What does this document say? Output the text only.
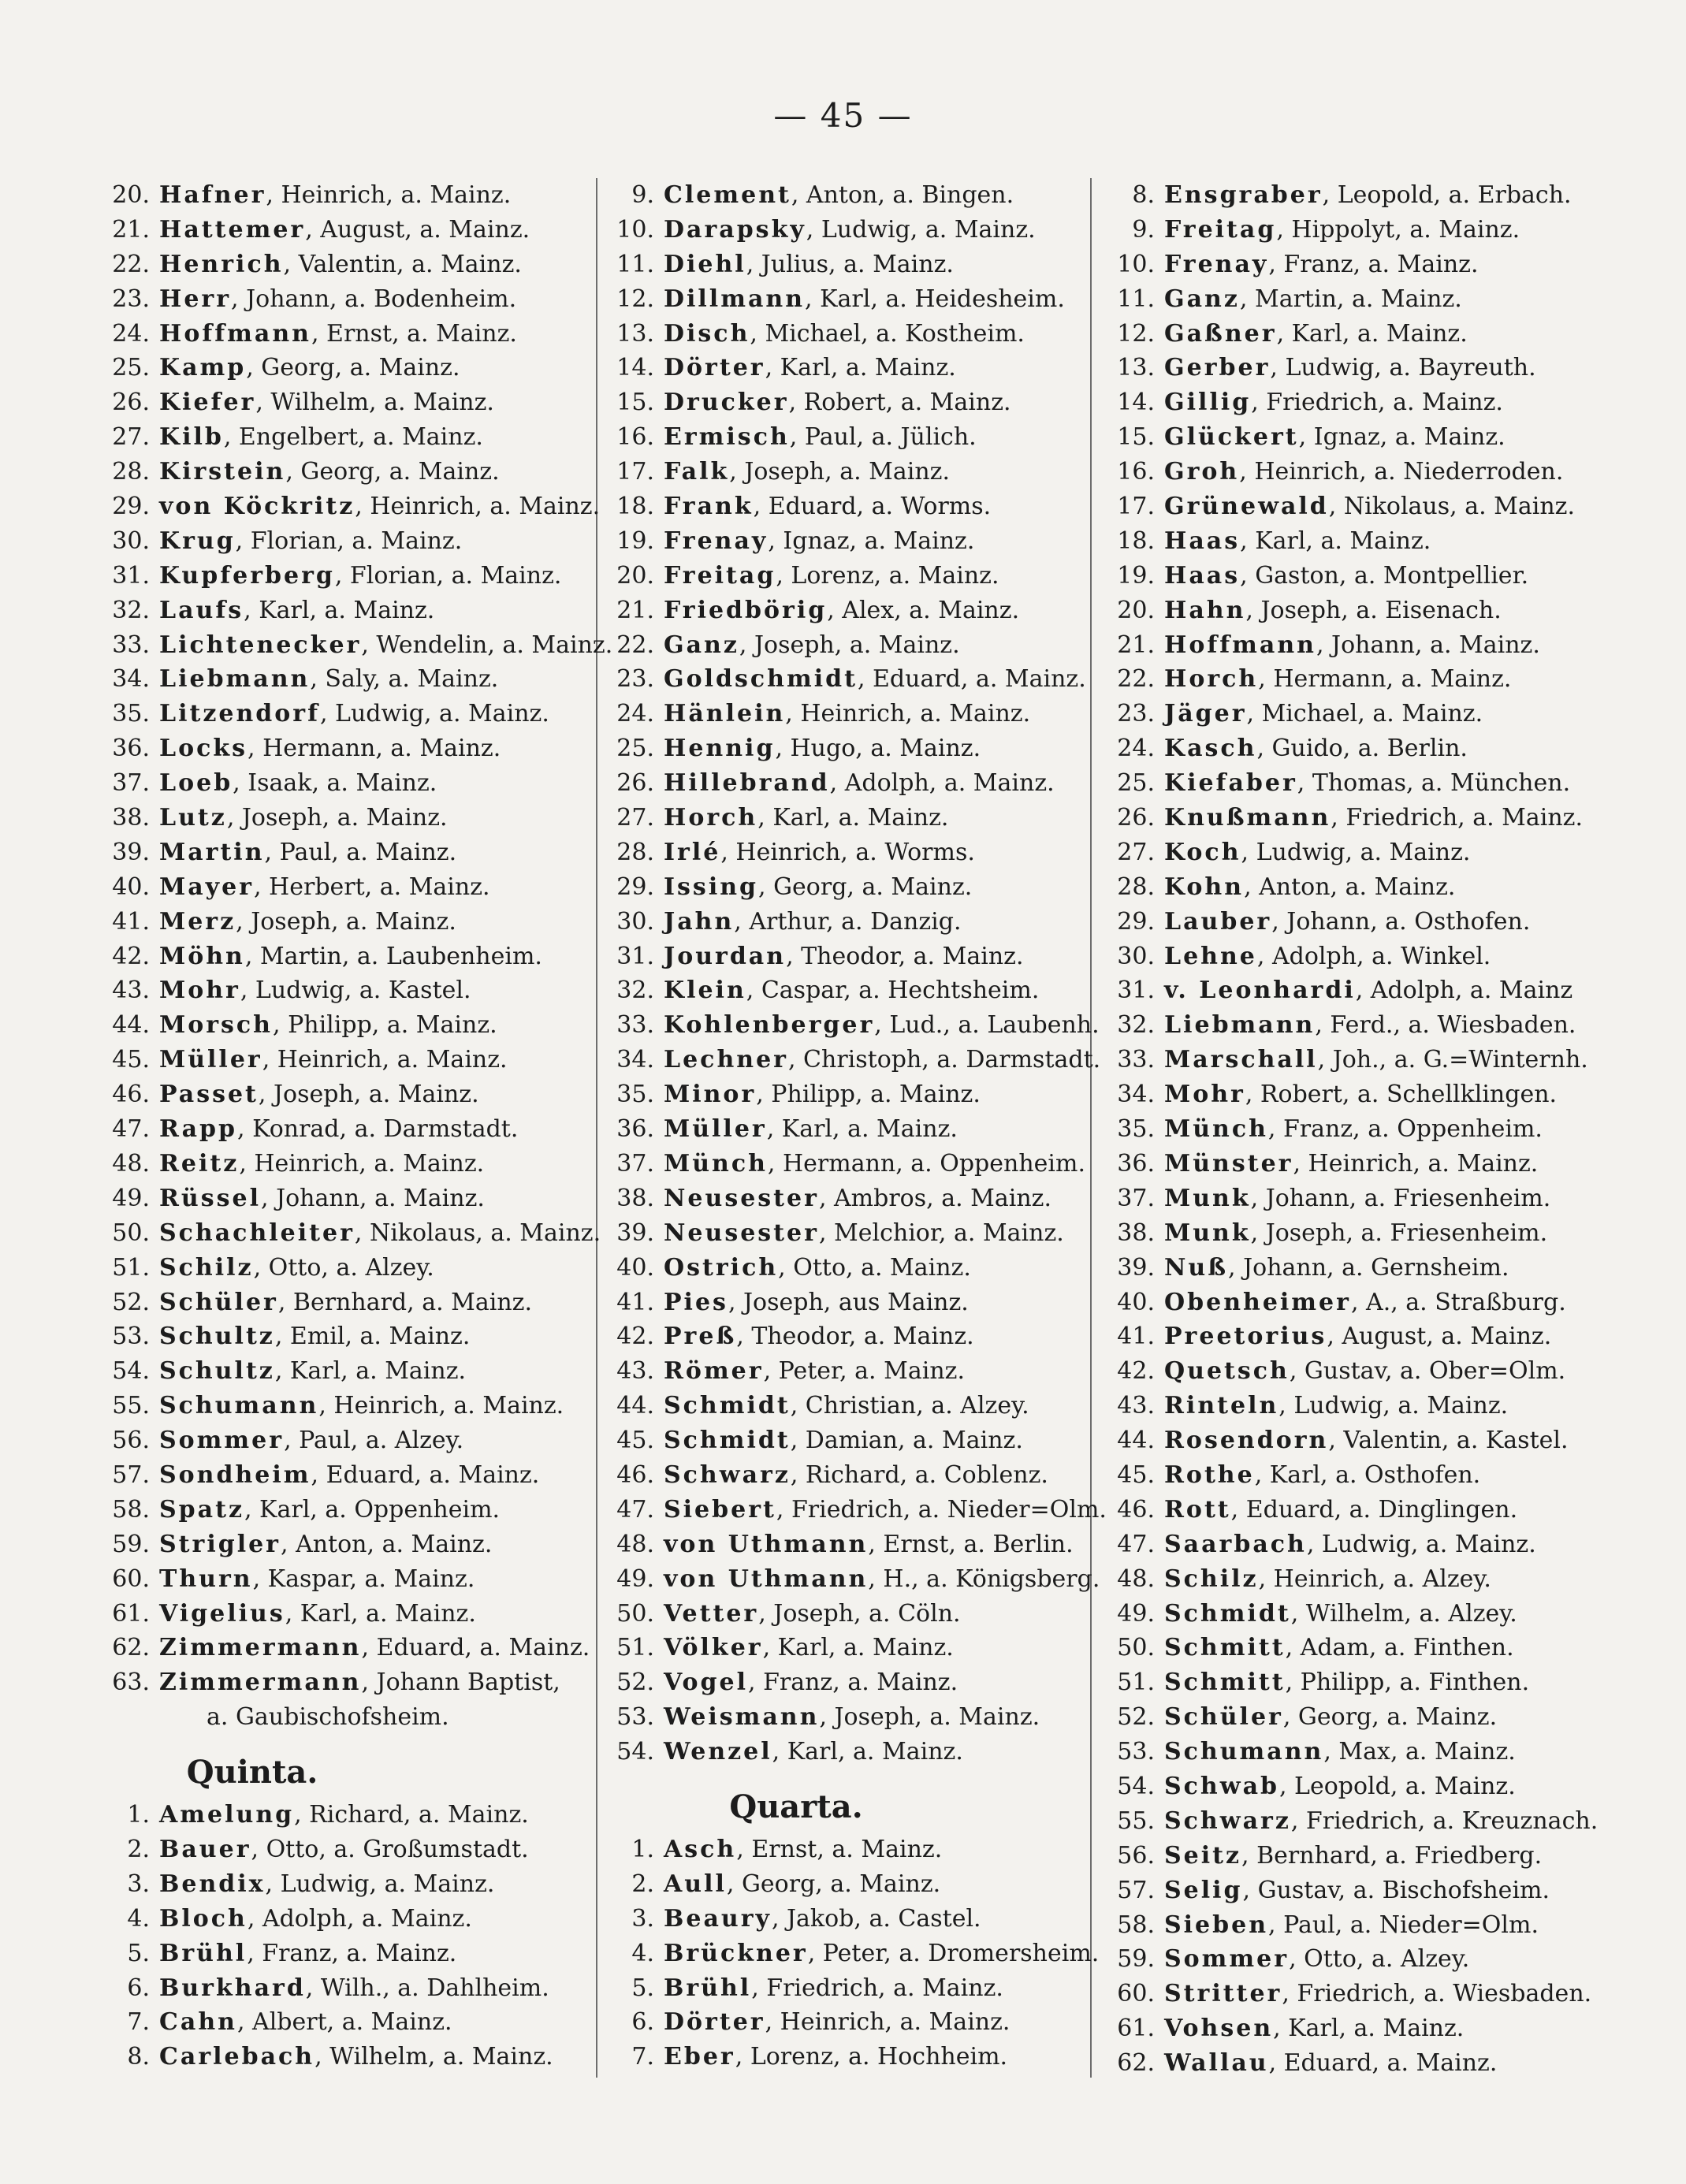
— 45 —
20. Hafner , Heinrich, a. Mainz.
21. Hattemer , August, a. Mainz.
22. Henrich , Valentin, a. Mainz.
23. Herr , Johann, a. Bodenheim.
24. Hoffmann , Ernst, a. Mainz.
25. Kamp , Georg, a. Mainz.
26. Kiefer , Wilhelm, a. Mainz.
27. Kilb , Engelbert, a. Mainz.
28. Kirstein , Georg, a. Mainz.
29. von Köckritz , Heinrich, a. Mainz.
30. Krug , Florian, a. Mainz.
31. Kupferberg , Florian, a. Mainz.
32. Laufs , Karl, a. Mainz.
33. Lichtenecker , Wendelin, a. Mainz.
34. Liebmann , Saly, a. Mainz.
35. Litzendorf , Ludwig, a. Mainz.
36. Locks , Hermann, a. Mainz.
37. Loeb , Isaak, a. Mainz.
38. Lutz , Joseph, a. Mainz.
39. Martin , Paul, a. Mainz.
40. Mayer , Herbert, a. Mainz.
41. Merz , Joseph, a. Mainz.
42. Möhn , Martin, a. Laubenheim.
43. Mohr , Ludwig, a. Kastel.
44. Morsch , Philipp, a. Mainz.
45. Müller , Heinrich, a. Mainz.
46. Passet , Joseph, a. Mainz.
47. Rapp , Konrad, a. Darmstadt.
48. Reitz , Heinrich, a. Mainz.
49. Rüssel , Johann, a. Mainz.
50. Schachleiter , Nikolaus, a. Mainz.
51. Schilz , Otto, a. Alzey.
52. Schüler , Bernhard, a. Mainz.
53. Schultz , Emil, a. Mainz.
54. Schultz , Karl, a. Mainz.
55. Schumann , Heinrich, a. Mainz.
56. Sommer , Paul, a. Alzey.
57. Sondheim , Eduard, a. Mainz.
58. Spatz , Karl, a. Oppenheim.
59. Strigler , Anton, a. Mainz.
60. Thurn , Kaspar, a. Mainz.
61. Vigelius , Karl, a. Mainz.
62. Zimmermann , Eduard, a. Mainz.
63. Zimmermann , Johann Baptist,
a. Gaubischofsheim.
Quinta.
1. Amelung , Richard, a. Mainz.
2. Bauer , Otto, a. Großumstadt.
3. Bendix , Ludwig, a. Mainz.
4. Bloch , Adolph, a. Mainz.
5. Brühl , Franz, a. Mainz.
6. Burkhard , Wilh., a. Dahlheim.
7. Cahn , Albert, a. Mainz.
8. Carlebach , Wilhelm, a. Mainz.
9. Clement , Anton, a. Bingen.
10. Darapsky , Ludwig, a. Mainz.
11. Diehl , Julius, a. Mainz.
12. Dillmann , Karl, a. Heidesheim.
13. Disch , Michael, a. Kostheim.
14. Dörter , Karl, a. Mainz.
15. Drucker , Robert, a. Mainz.
16. Ermisch , Paul, a. Jülich.
17. Falk , Joseph, a. Mainz.
18. Frank , Eduard, a. Worms.
19. Frenay , Ignaz, a. Mainz.
20. Freitag , Lorenz, a. Mainz.
21. Friedbörig , Alex, a. Mainz.
22. Ganz , Joseph, a. Mainz.
23. Goldschmidt , Eduard, a. Mainz.
24. Hänlein , Heinrich, a. Mainz.
25. Hennig , Hugo, a. Mainz.
26. Hillebrand , Adolph, a. Mainz.
27. Horch , Karl, a. Mainz.
28. Irlé , Heinrich, a. Worms.
29. Issing , Georg, a. Mainz.
30. Jahn , Arthur, a. Danzig.
31. Jourdan , Theodor, a. Mainz.
32. Klein , Caspar, a. Hechtsheim.
33. Kohlenberger , Lud., a. Laubenh.
34. Lechner , Christoph, a. Darmstadt.
35. Minor , Philipp, a. Mainz.
36. Müller , Karl, a. Mainz.
37. Münch , Hermann, a. Oppenheim.
38. Neusester , Ambros, a. Mainz.
39. Neusester , Melchior, a. Mainz.
40. Ostrich , Otto, a. Mainz.
41. Pies , Joseph, aus Mainz.
42. Preß , Theodor, a. Mainz.
43. Römer , Peter, a. Mainz.
44. Schmidt , Christian, a. Alzey.
45. Schmidt , Damian, a. Mainz.
46. Schwarz , Richard, a. Coblenz.
47. Siebert , Friedrich, a. Nieder=Olm.
48. von Uthmann , Ernst, a. Berlin.
49. von Uthmann , H., a. Königsberg.
50. Vetter , Joseph, a. Cöln.
51. Völker , Karl, a. Mainz.
52. Vogel , Franz, a. Mainz.
53. Weismann , Joseph, a. Mainz.
54. Wenzel , Karl, a. Mainz.
Quarta.
1. Asch , Ernst, a. Mainz.
2. Aull , Georg, a. Mainz.
3. Beaury , Jakob, a. Castel.
4. Brückner , Peter, a. Dromersheim.
5. Brühl , Friedrich, a. Mainz.
6. Dörter , Heinrich, a. Mainz.
7. Eber , Lorenz, a. Hochheim.
8. Ensgraber , Leopold, a. Erbach.
9. Freitag , Hippolyt, a. Mainz.
10. Frenay , Franz, a. Mainz.
11. Ganz , Martin, a. Mainz.
12. Gaßner , Karl, a. Mainz.
13. Gerber , Ludwig, a. Bayreuth.
14. Gillig , Friedrich, a. Mainz.
15. Glückert , Ignaz, a. Mainz.
16. Groh , Heinrich, a. Niederroden.
17. Grünewald , Nikolaus, a. Mainz.
18. Haas , Karl, a. Mainz.
19. Haas , Gaston, a. Montpellier.
20. Hahn , Joseph, a. Eisenach.
21. Hoffmann , Johann, a. Mainz.
22. Horch , Hermann, a. Mainz.
23. Jäger , Michael, a. Mainz.
24. Kasch , Guido, a. Berlin.
25. Kiefaber , Thomas, a. München.
26. Knußmann , Friedrich, a. Mainz.
27. Koch , Ludwig, a. Mainz.
28. Kohn , Anton, a. Mainz.
29. Lauber , Johann, a. Osthofen.
30. Lehne , Adolph, a. Winkel.
31. v. Leonhardi , Adolph, a. Mainz
32. Liebmann , Ferd., a. Wiesbaden.
33. Marschall , Joh., a. G.=Winternh.
34. Mohr , Robert, a. Schellklingen.
35. Münch , Franz, a. Oppenheim.
36. Münster , Heinrich, a. Mainz.
37. Munk , Johann, a. Friesenheim.
38. Munk , Joseph, a. Friesenheim.
39. Nuß , Johann, a. Gernsheim.
40. Obenheimer , A., a. Straßburg.
41. Preetorius , August, a. Mainz.
42. Quetsch , Gustav, a. Ober=Olm.
43. Rinteln , Ludwig, a. Mainz.
44. Rosendorn , Valentin, a. Kastel.
45. Rothe , Karl, a. Osthofen.
46. Rott , Eduard, a. Dinglingen.
47. Saarbach , Ludwig, a. Mainz.
48. Schilz , Heinrich, a. Alzey.
49. Schmidt , Wilhelm, a. Alzey.
50. Schmitt , Adam, a. Finthen.
51. Schmitt , Philipp, a. Finthen.
52. Schüler , Georg, a. Mainz.
53. Schumann , Max, a. Mainz.
54. Schwab , Leopold, a. Mainz.
55. Schwarz , Friedrich, a. Kreuznach.
56. Seitz , Bernhard, a. Friedberg.
57. Selig , Gustav, a. Bischofsheim.
58. Sieben , Paul, a. Nieder=Olm.
59. Sommer , Otto, a. Alzey.
60. Stritter , Friedrich, a. Wiesbaden.
61. Vohsen , Karl, a. Mainz.
62. Wallau , Eduard, a. Mainz.
